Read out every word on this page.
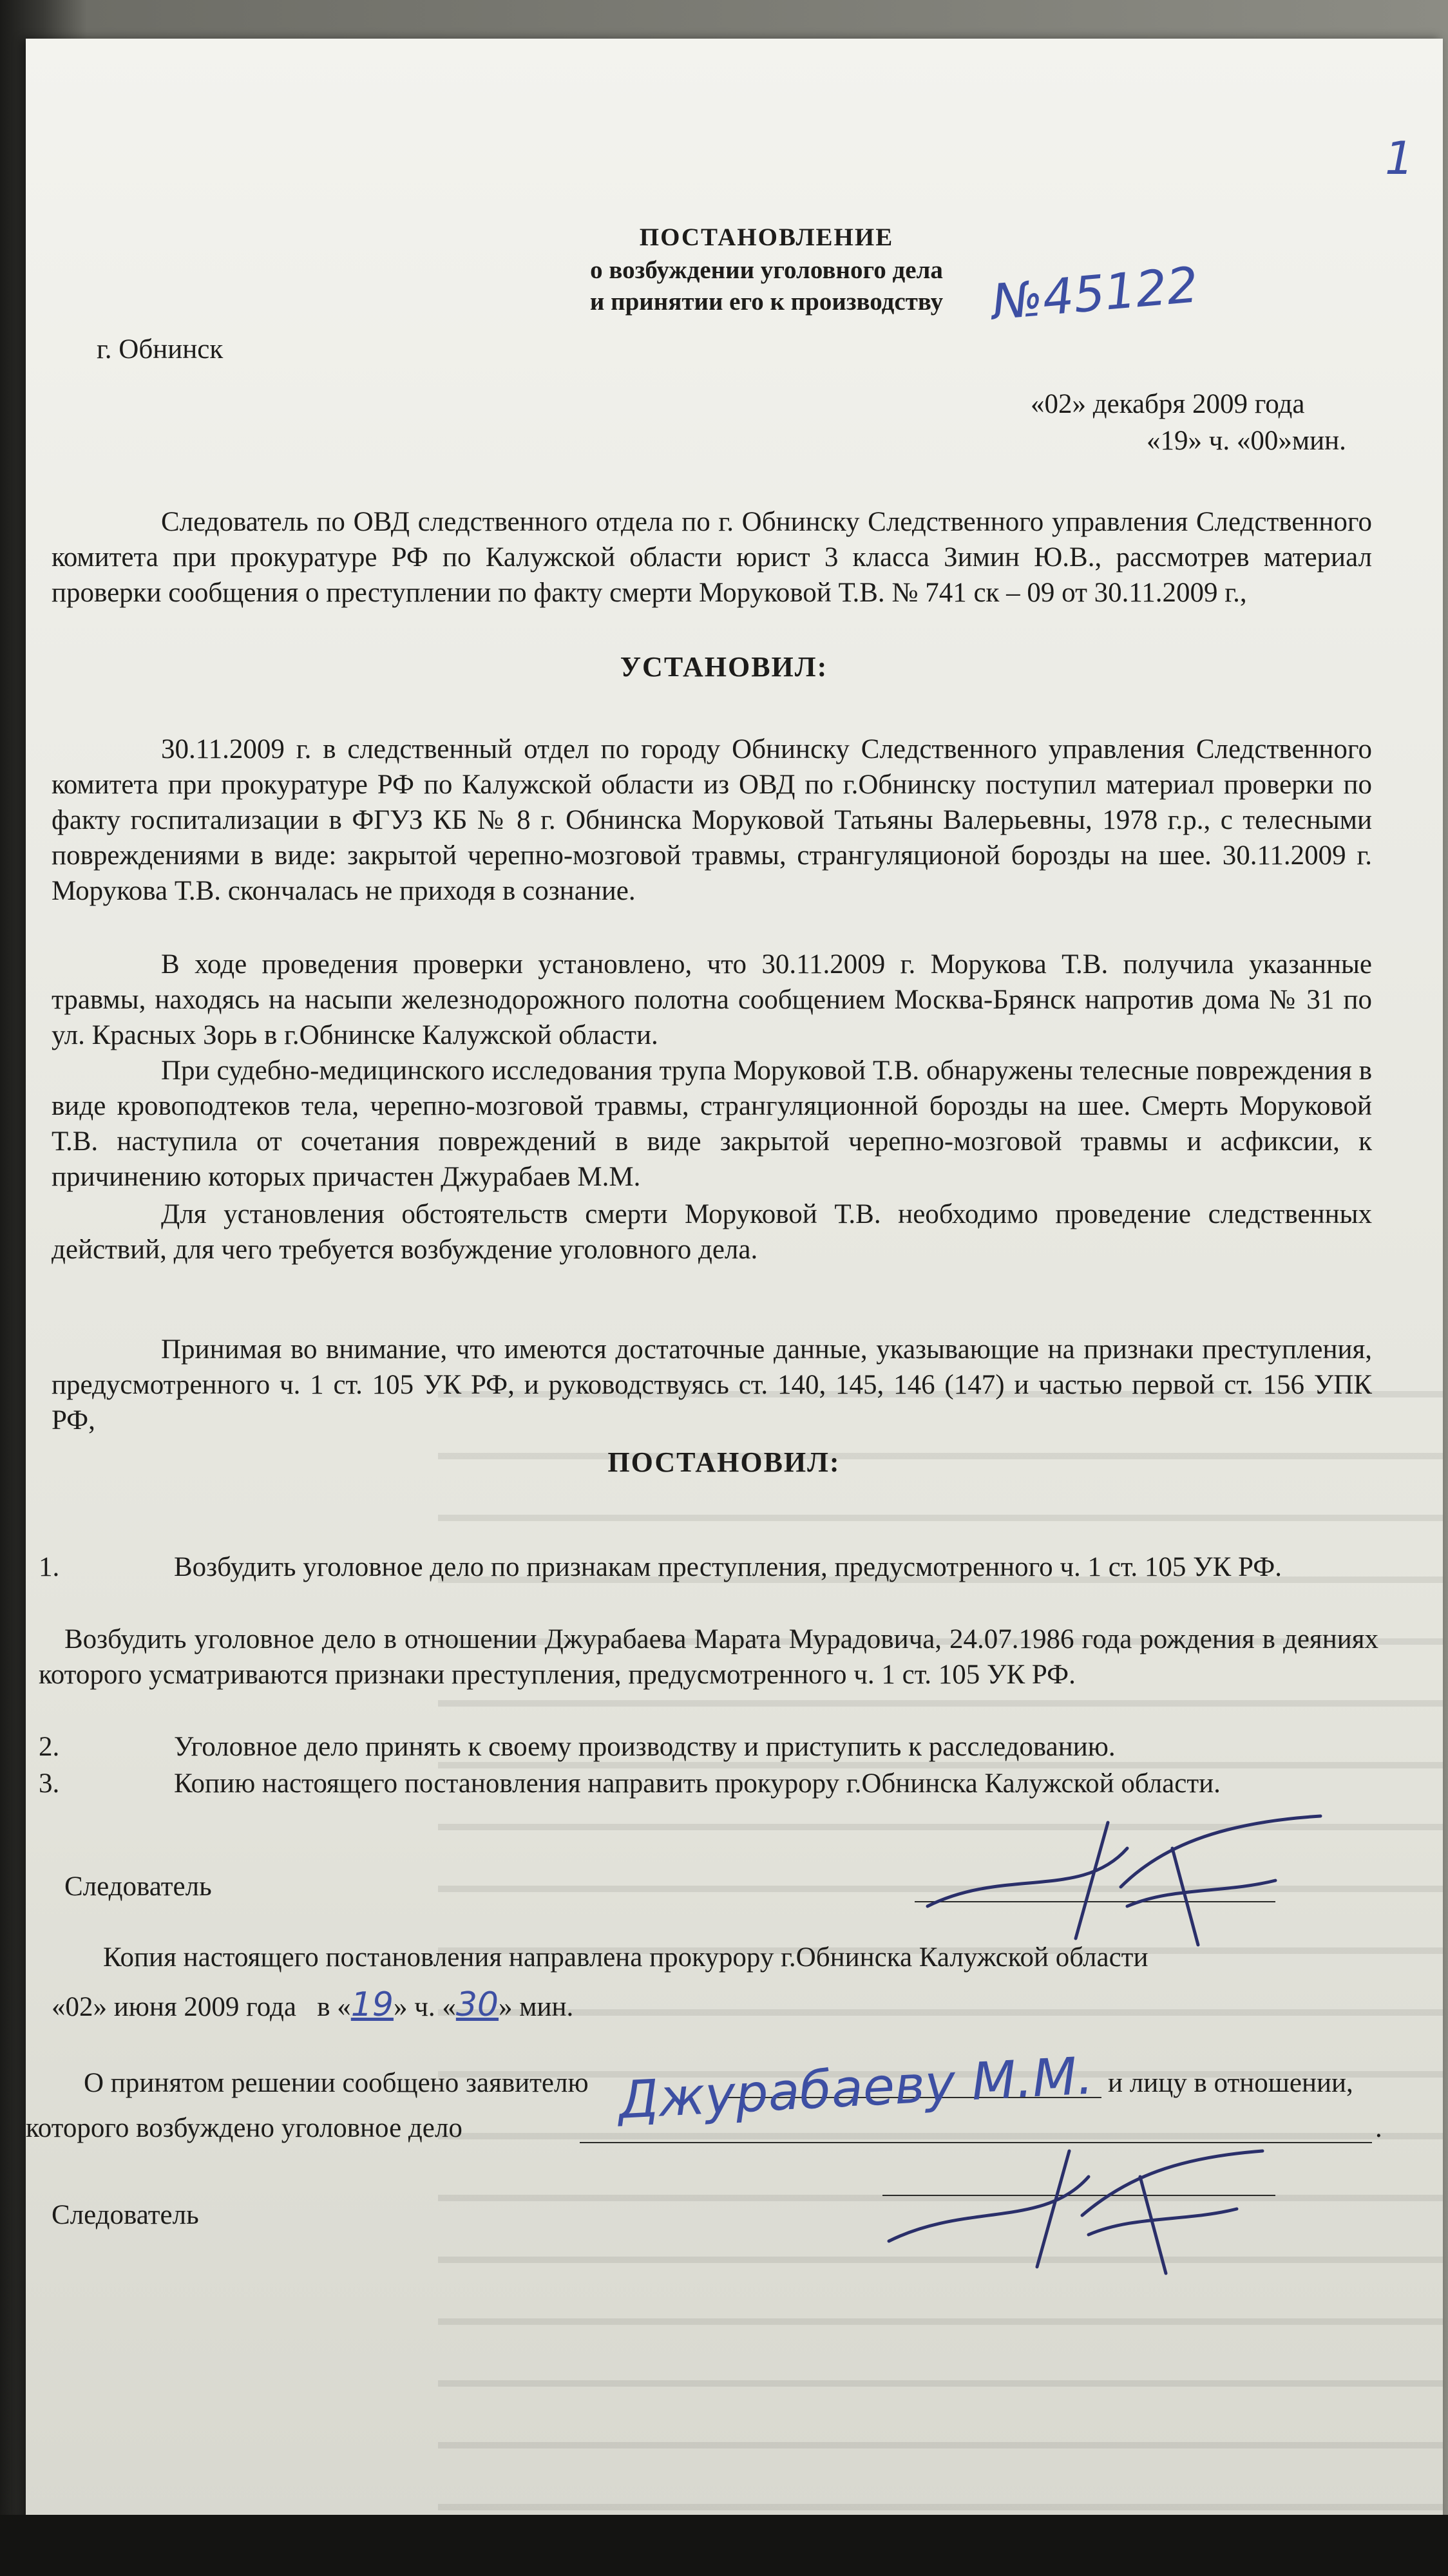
1
ПОСТАНОВЛЕНИЕ
о возбуждении уголовного дела
и принятии его к производству №45122
г. Обнинск
«02» декабря 2009 года
«19» ч. «00»мин.

Следователь по ОВД следственного отдела по г. Обнинску Следственного управления Следственного комитета при прокуратуре РФ по Калужской области юрист 3 класса Зимин Ю.В., рассмотрев материал проверки сообщения о преступлении по факту смерти Моруковой Т.В. № 741 ск – 09 от 30.11.2009 г.,

УСТАНОВИЛ:

30.11.2009 г. в следственный отдел по городу Обнинску Следственного управления Следственного комитета при прокуратуре РФ по Калужской области из ОВД по г.Обнинску поступил материал проверки по факту госпитализации в ФГУЗ КБ № 8 г. Обнинска Моруковой Татьяны Валерьевны, 1978 г.р., с телесными повреждениями в виде: закрытой черепно-мозговой травмы, странгуляционой борозды на шее. 30.11.2009 г. Морукова Т.В. скончалась не приходя в сознание.

В ходе проведения проверки установлено, что 30.11.2009 г. Морукова Т.В. получила указанные травмы, находясь на насыпи железнодорожного полотна сообщением Москва-Брянск напротив дома № 31 по ул. Красных Зорь в г.Обнинске Калужской области.

При судебно-медицинского исследования трупа Моруковой Т.В. обнаружены телесные повреждения в виде кровоподтеков тела, черепно-мозговой травмы, странгуляционной борозды на шее. Смерть Моруковой Т.В. наступила от сочетания повреждений в виде закрытой черепно-мозговой травмы и асфиксии, к причинению которых причастен Джурабаев М.М.

Для установления обстоятельств смерти Моруковой Т.В. необходимо проведение следственных действий, для чего требуется возбуждение уголовного дела.

Принимая во внимание, что имеются достаточные данные, указывающие на признаки преступления, предусмотренного ч. 1 ст. 105 УК РФ, и руководствуясь ст. 140, 145, 146 (147) и частью первой ст. 156 УПК РФ,

ПОСТАНОВИЛ:

1.	Возбудить уголовное дело по признакам преступления, предусмотренного ч. 1 ст. 105 УК РФ.

Возбудить уголовное дело в отношении Джурабаева Марата Мурадовича, 24.07.1986 года рождения в деяниях которого усматриваются признаки преступления, предусмотренного ч. 1 ст. 105 УК РФ.

2.	Уголовное дело принять к своему производству и приступить к расследованию.

3.	Копию настоящего постановления направить прокурору г.Обнинска Калужской области.

Следователь
Копия настоящего постановления направлена прокурору г.Обнинска Калужской области
«02» июня 2009 года в «19» ч. «30» мин.
О принятом решении сообщено заявителю	и лицу в отношении,
которого возбуждено уголовное дело	.
Джурабаеву М.М.
Следователь
